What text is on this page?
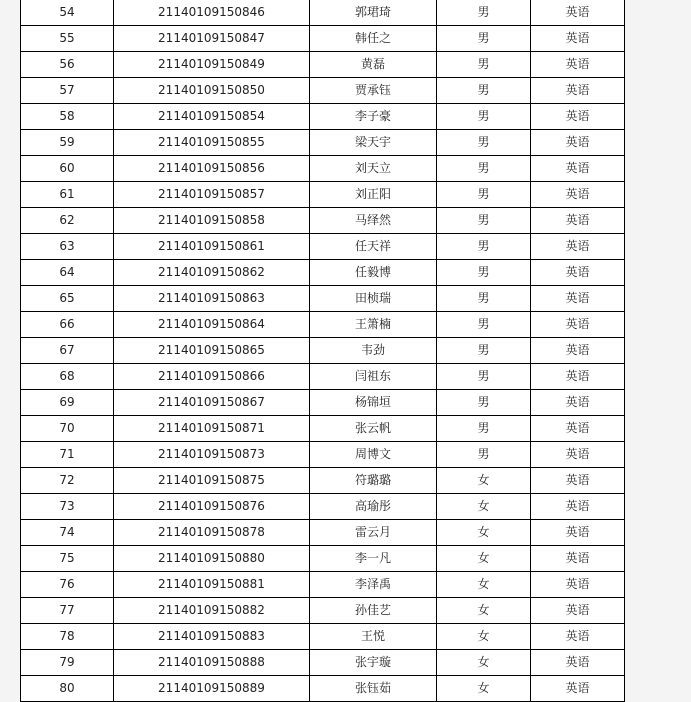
54	21140109150846	郭珺琦	男	英语
55	21140109150847	韩任之	男	英语
56	21140109150849	黄磊	男	英语
57	21140109150850	贾承钰	男	英语
58	21140109150854	李子豪	男	英语
59	21140109150855	梁天宇	男	英语
60	21140109150856	刘天立	男	英语
61	21140109150857	刘正阳	男	英语
62	21140109150858	马绎然	男	英语
63	21140109150861	任天祥	男	英语
64	21140109150862	任毅博	男	英语
65	21140109150863	田桢瑞	男	英语
66	21140109150864	王箫楠	男	英语
67	21140109150865	韦劲	男	英语
68	21140109150866	闫祖东	男	英语
69	21140109150867	杨锦垣	男	英语
70	21140109150871	张云帆	男	英语
71	21140109150873	周博文	男	英语
72	21140109150875	符璐璐	女	英语
73	21140109150876	高瑜彤	女	英语
74	21140109150878	雷云月	女	英语
75	21140109150880	李一凡	女	英语
76	21140109150881	李泽禹	女	英语
77	21140109150882	孙佳艺	女	英语
78	21140109150883	王悦	女	英语
79	21140109150888	张宇璇	女	英语
80	21140109150889	张钰茹	女	英语
